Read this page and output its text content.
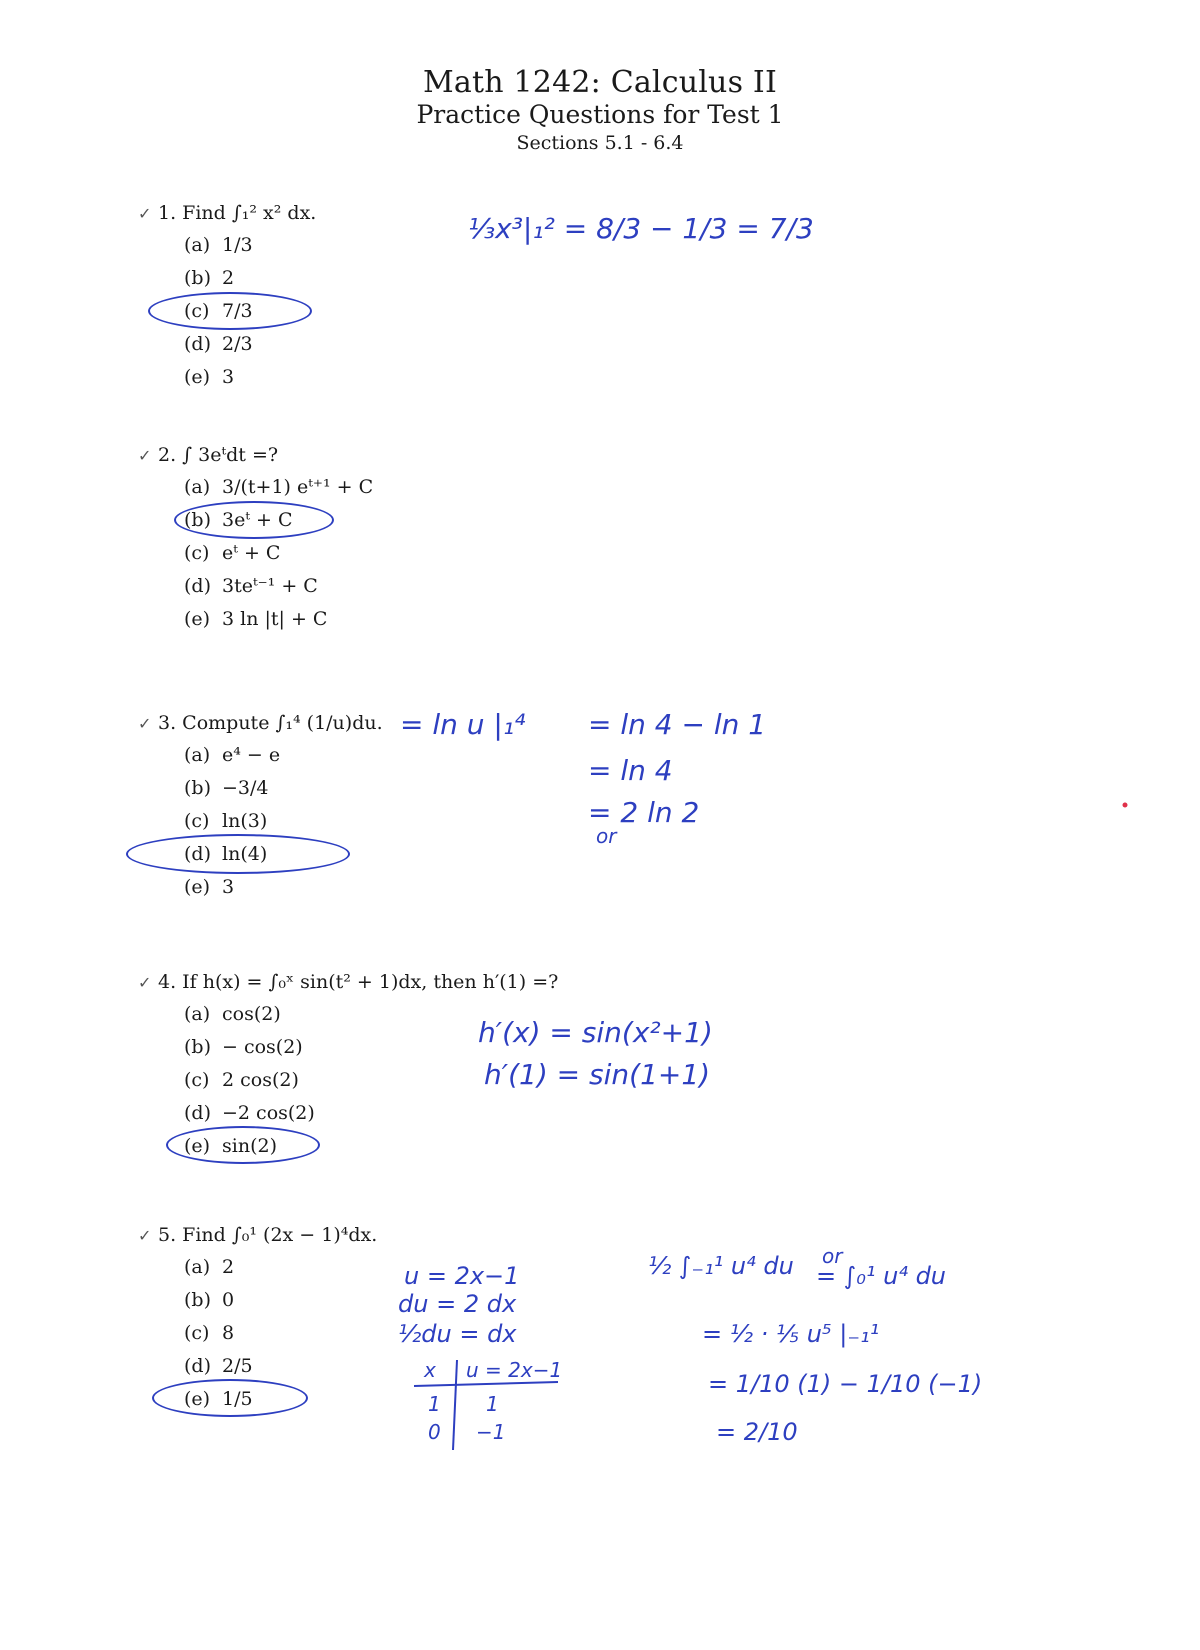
Math 1242: Calculus II
Practice Questions for Test 1
Sections 5.1 - 6.4
✓ 1. Find ∫₁² x² dx.
(a) 1/3
(b) 2
(c) 7/3
(d) 2/3
(e) 3
✓ 2. ∫ 3eᵗdt =?
(a) 3/(t+1) eᵗ⁺¹ + C
(b) 3eᵗ + C
(c) eᵗ + C
(d) 3teᵗ⁻¹ + C
(e) 3 ln |t| + C
✓ 3. Compute ∫₁⁴ (1/u)du.
(a) e⁴ − e
(b) −3/4
(c) ln(3)
(d) ln(4)
(e) 3
✓ 4. If h(x) = ∫₀ˣ sin(t² + 1)dx, then h′(1) =?
(a) cos(2)
(b) − cos(2)
(c) 2 cos(2)
(d) −2 cos(2)
(e) sin(2)
✓ 5. Find ∫₀¹ (2x − 1)⁴dx.
(a) 2
(b) 0
(c) 8
(d) 2/5
(e) 1/5
⅓x³|₁² = 8/3 − 1/3 = 7/3
= ln u |₁⁴ = ln 4 − ln 1
= ln 4
= 2 ln 2
or
h′(x) = sin(x²+1)
h′(1) = sin(1+1)
u = 2x−1
du = 2 dx
½du = dx
x u = 2x−1
1 1
0 −1
½ ∫₋₁¹ u⁴ du or
= ∫₀¹ u⁴ du
= ½ · ⅕ u⁵ |₋₁¹
= 1/10 (1) − 1/10 (−1)
= 2/10
